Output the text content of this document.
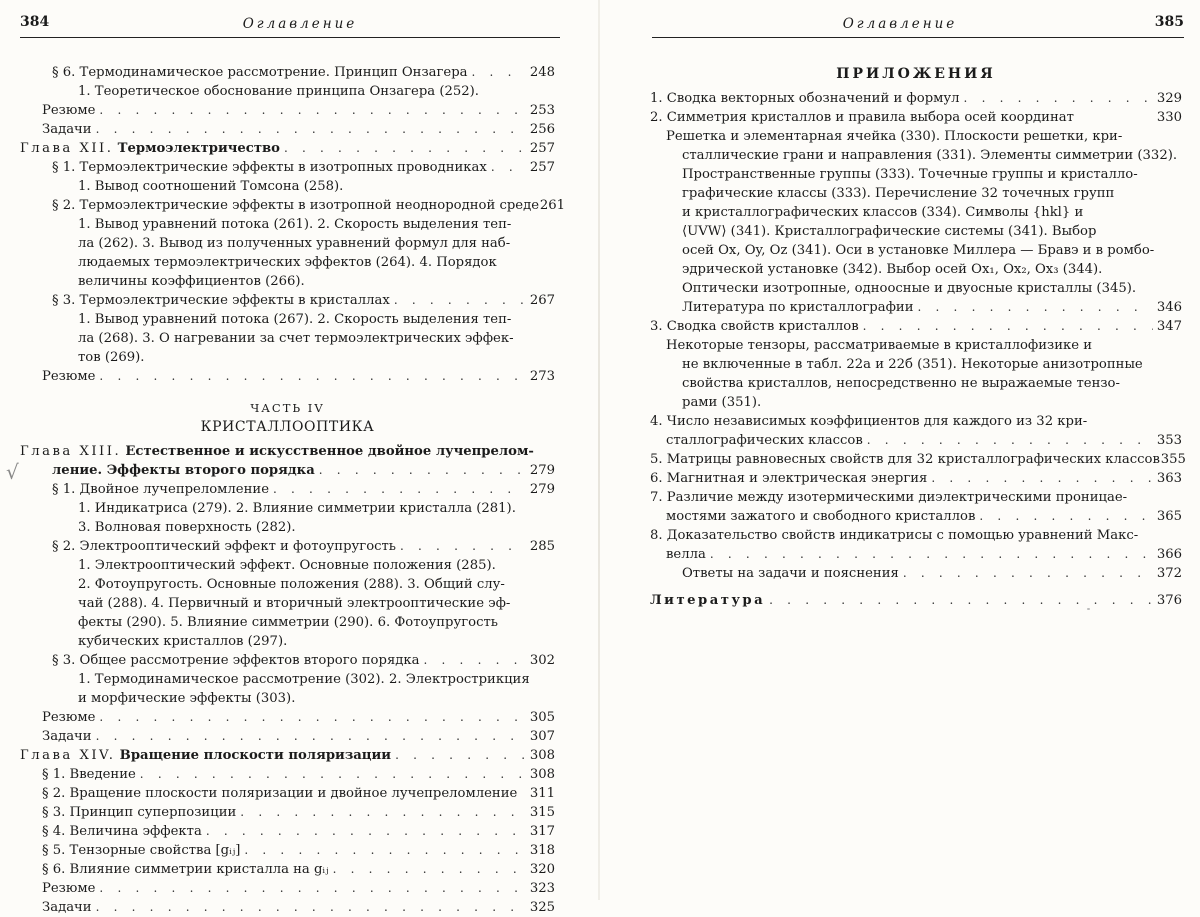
384	Оглавление
√
§ 6. Термодинамическое рассмотрение. Принцип Онзагера . . .	248
1. Теоретическое обоснование принципа Онзагера (252).
Резюме . . .	253
Задачи . . .	256
Глава XII. Термоэлектричество . . .	257
§ 1. Термоэлектрические эффекты в изотропных проводниках . . .	257
1. Вывод соотношений Томсона (258).
§ 2. Термоэлектрические эффекты в изотропной неоднородной среде 261
1. Вывод уравнений потока (261). 2. Скорость выделения теп-
ла (262). 3. Вывод из полученных уравнений формул для наб-
людаемых термоэлектрических эффектов (264). 4. Порядок
величины коэффициентов (266).
§ 3. Термоэлектрические эффекты в кристаллах . . .	267
1. Вывод уравнений потока (267). 2. Скорость выделения теп-
ла (268). 3. О нагревании за счет термоэлектрических эффек-
тов (269).
Резюме . . .	273
ЧАСТЬ IV
КРИСТАЛЛООПТИКА
Глава XIII. Естественное и искусственное двойное лучепрелом-
ление. Эффекты второго порядка . . .	279
§ 1. Двойное лучепреломление . . .	279
1. Индикатриса (279). 2. Влияние симметрии кристалла (281).
3. Волновая поверхность (282).
§ 2. Электрооптический эффект и фотоупругость . . .	285
1. Электрооптический эффект. Основные положения (285).
2. Фотоупругость. Основные положения (288). 3. Общий слу-
чай (288). 4. Первичный и вторичный электрооптические эф-
фекты (290). 5. Влияние симметрии (290). 6. Фотоупругость
кубических кристаллов (297).
§ 3. Общее рассмотрение эффектов второго порядка . . .	302
1. Термодинамическое рассмотрение (302). 2. Электрострикция
и морфические эффекты (303).
Резюме . . .	305
Задачи . . .	307
Глава XIV. Вращение плоскости поляризации . . .	308
§ 1. Введение . . .	308
§ 2. Вращение плоскости поляризации и двойное лучепреломление 311
§ 3. Принцип суперпозиции . . .	315
§ 4. Величина эффекта . . .	317
§ 5. Тензорные свойства [gᵢⱼ] . . .	318
§ 6. Влияние симметрии кристалла на gᵢⱼ . . .	320
Резюме . . .	323
Задачи . . .	325
Оглавление	385
ПРИЛОЖЕНИЯ
1. Сводка векторных обозначений и формул . . .	329
2. Симметрия кристаллов и правила выбора осей координат	330
Решетка и элементарная ячейка (330). Плоскости решетки, кри-
сталлические грани и направления (331). Элементы симметрии (332).
Пространственные группы (333). Точечные группы и кристалло-
графические классы (333). Перечисление 32 точечных групп
и кристаллографических классов (334). Символы {hkl} и
⟨UVW⟩ (341). Кристаллографические системы (341). Выбор
осей Ox, Oy, Oz (341). Оси в установке Миллера — Бравэ и в ромбо-
эдрической установке (342). Выбор осей Ox₁, Ox₂, Ox₃ (344).
Оптически изотропные, одноосные и двуосные кристаллы (345).
Литература по кристаллографии . . .	346
3. Сводка свойств кристаллов . . .	347
Некоторые тензоры, рассматриваемые в кристаллофизике и
не включенные в табл. 22а и 22б (351). Некоторые анизотропные
свойства кристаллов, непосредственно не выражаемые тензо-
рами (351).
4. Число независимых коэффициентов для каждого из 32 кри-
сталлографических классов . . .	353
5. Матрицы равновесных свойств для 32 кристаллографических классов 355
6. Магнитная и электрическая энергия . . .	363
7. Различие между изотермическими диэлектрическими проницае-
мостями зажатого и свободного кристаллов . . .	365
8. Доказательство свойств индикатрисы с помощью уравнений Макс-
велла . . .	366
Ответы на задачи и пояснения . . .	372
Литература . . .	376
